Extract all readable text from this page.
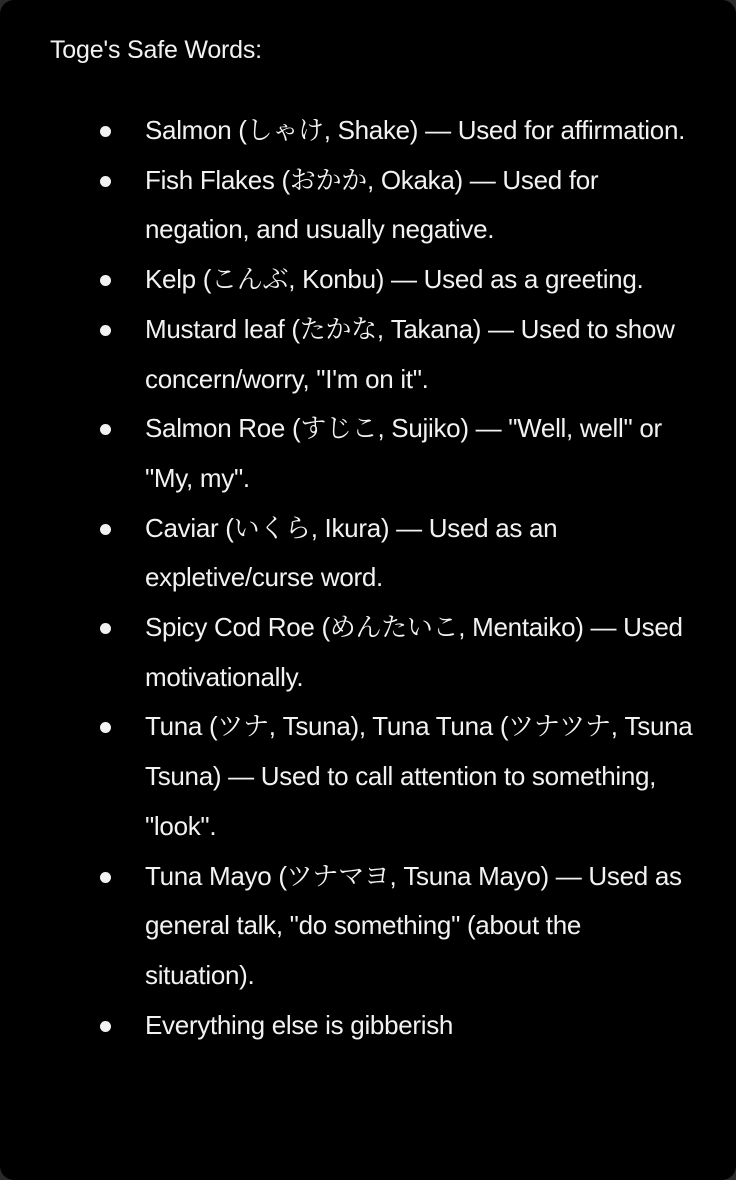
Toge's Safe Words:
Salmon (しゃけ, Shake) — Used for affirmation.
Fish Flakes (おかか, Okaka) — Used for negation, and usually negative.
Kelp (こんぶ, Konbu) — Used as a greeting.
Mustard leaf (たかな, Takana) — Used to show concern/worry, "I'm on it".
Salmon Roe (すじこ, Sujiko) — "Well, well" or "My, my".
Caviar (いくら, Ikura) — Used as an expletive/curse word.
Spicy Cod Roe (めんたいこ, Mentaiko) — Used motivationally.
Tuna (ツナ, Tsuna), Tuna Tuna (ツナツナ, Tsuna Tsuna) — Used to call attention to something, "look".
Tuna Mayo (ツナマヨ, Tsuna Mayo) — Used as general talk, "do something" (about the situation).
Everything else is gibberish
